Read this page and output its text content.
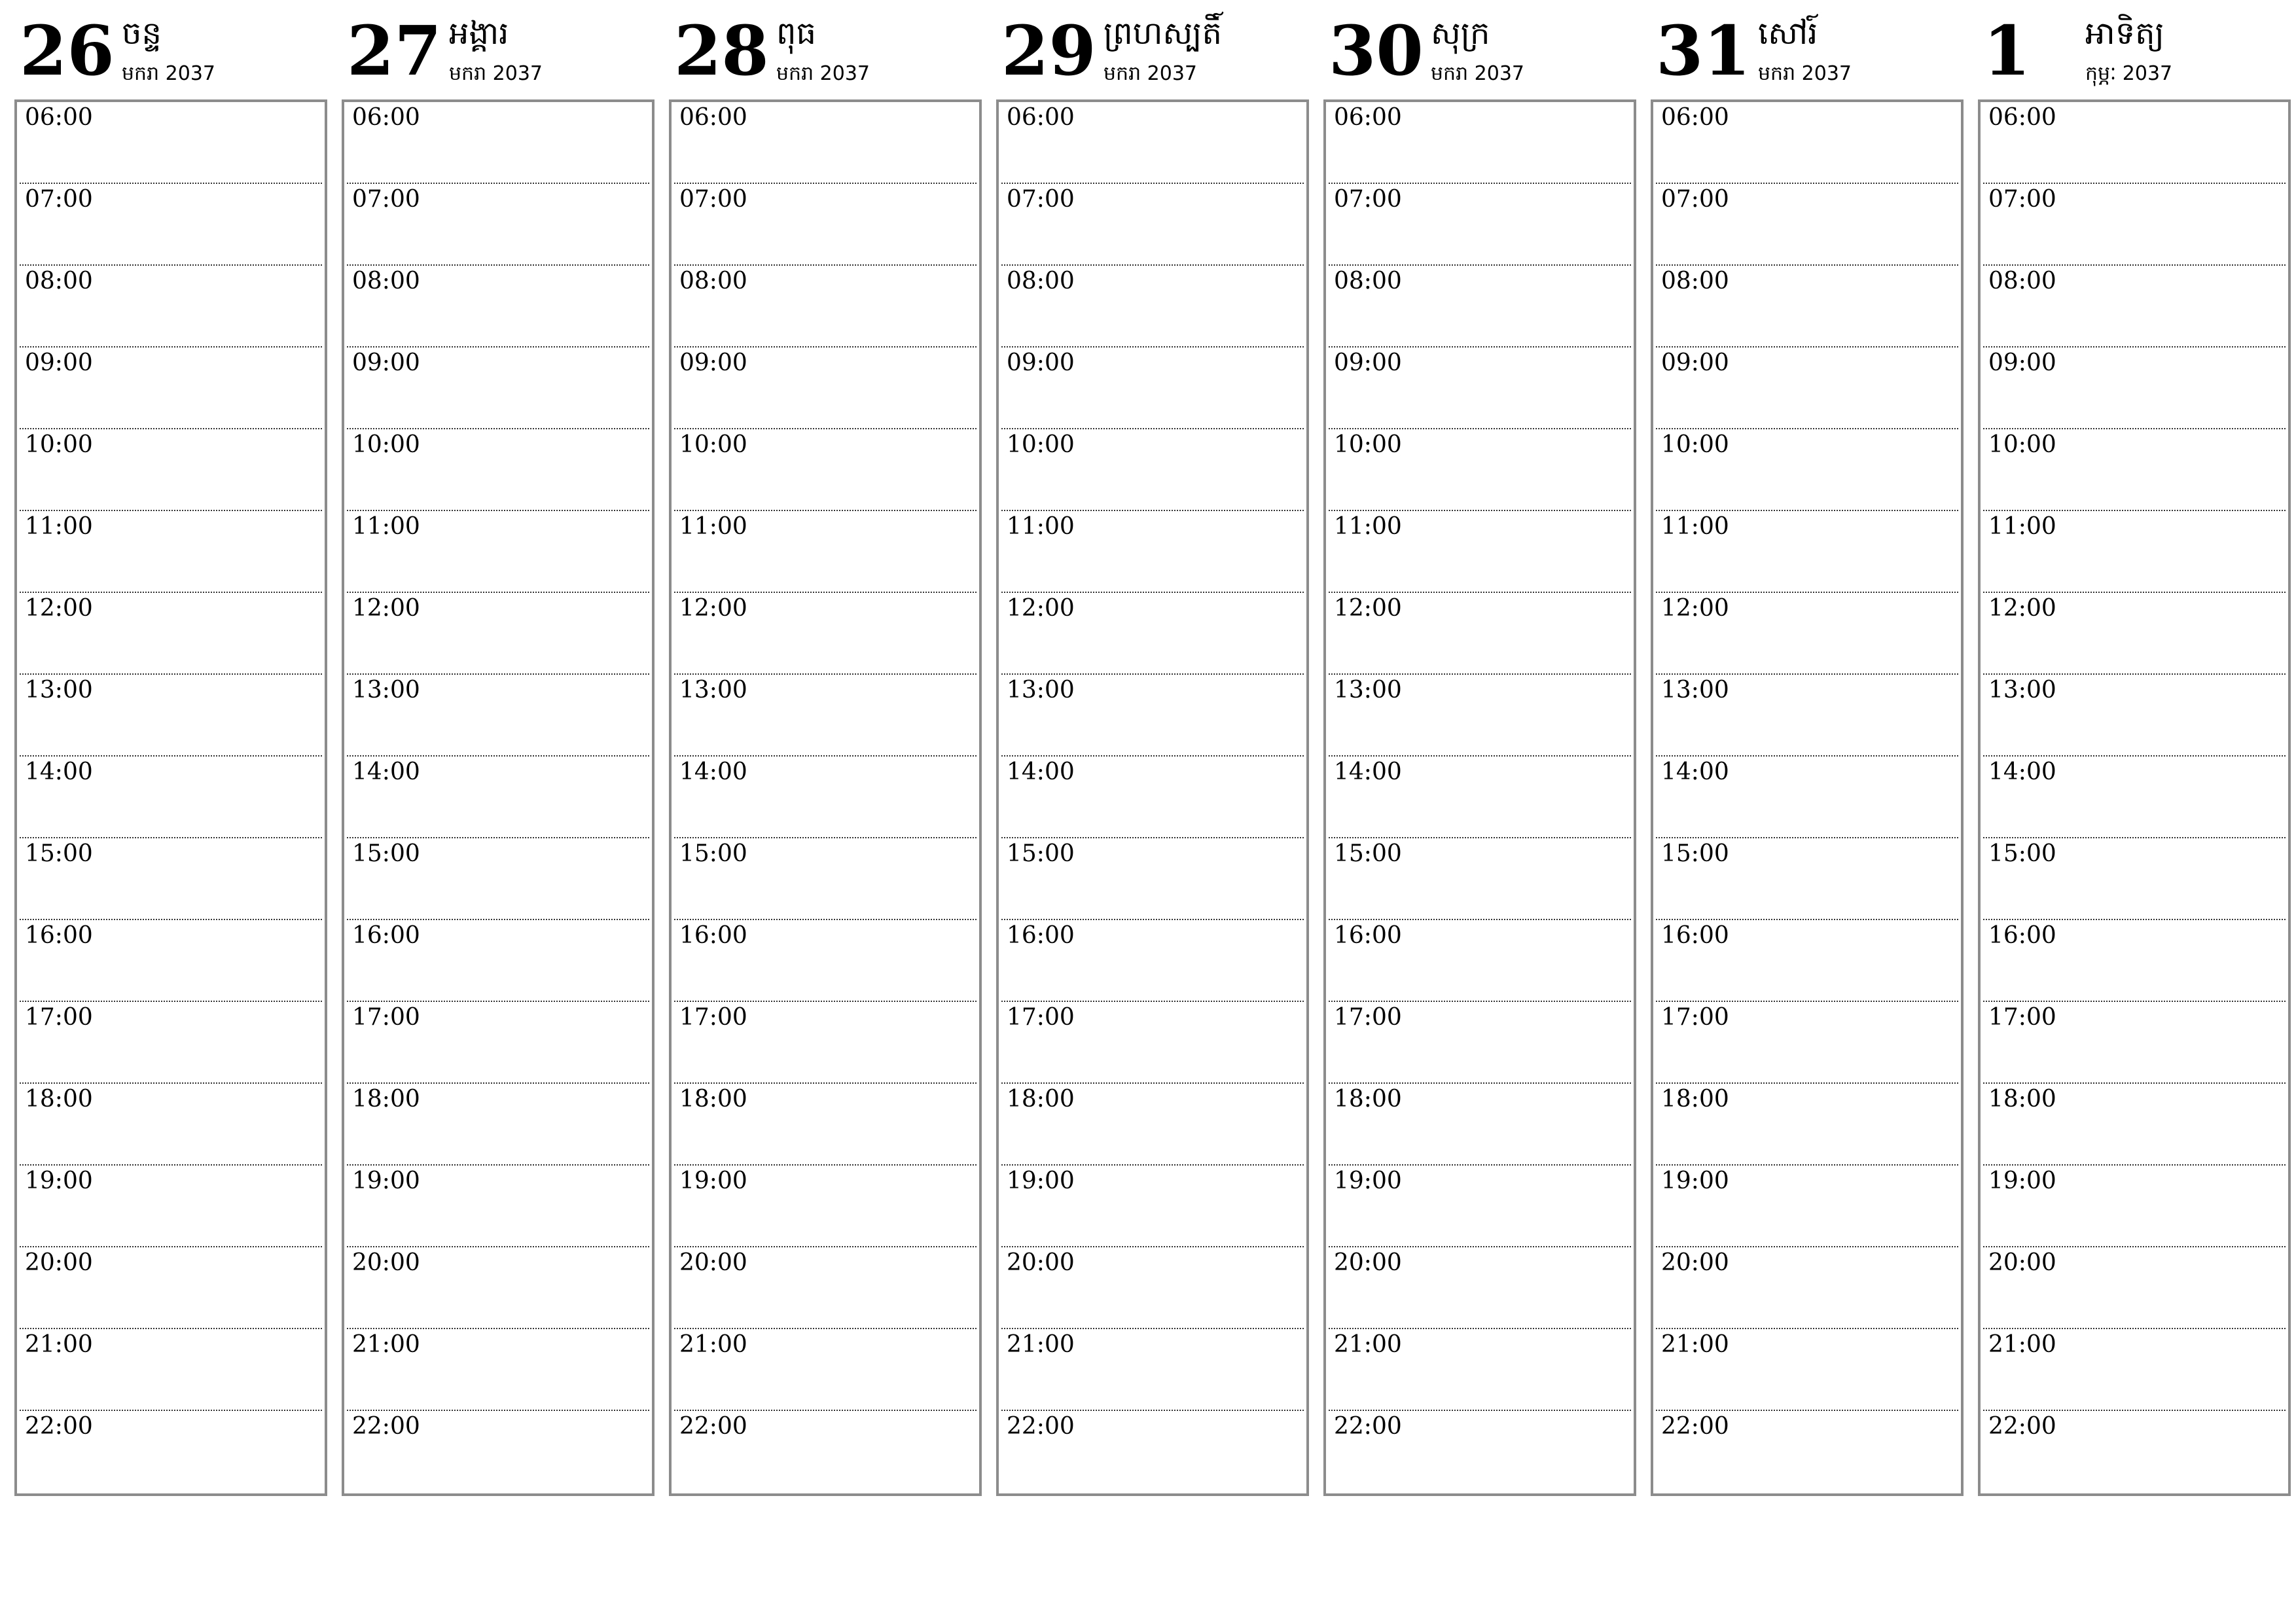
26 ចន្ទ
មករា 2037
06:00
07:00
08:00
09:00
10:00
11:00
12:00
13:00
14:00
15:00
16:00
17:00
18:00
19:00
20:00
21:00
22:00
27 អង្គារ
មករា 2037
06:00
07:00
08:00
09:00
10:00
11:00
12:00
13:00
14:00
15:00
16:00
17:00
18:00
19:00
20:00
21:00
22:00
28 ពុធ
មករា 2037
06:00
07:00
08:00
09:00
10:00
11:00
12:00
13:00
14:00
15:00
16:00
17:00
18:00
19:00
20:00
21:00
22:00
29 ព្រហស្បតិ៍
មករា 2037
06:00
07:00
08:00
09:00
10:00
11:00
12:00
13:00
14:00
15:00
16:00
17:00
18:00
19:00
20:00
21:00
22:00
30 សុក្រ
មករា 2037
06:00
07:00
08:00
09:00
10:00
11:00
12:00
13:00
14:00
15:00
16:00
17:00
18:00
19:00
20:00
21:00
22:00
31 សៅរ៍
មករា 2037
06:00
07:00
08:00
09:00
10:00
11:00
12:00
13:00
14:00
15:00
16:00
17:00
18:00
19:00
20:00
21:00
22:00
1 អាទិត្យ
កុម្ភៈ 2037
06:00
07:00
08:00
09:00
10:00
11:00
12:00
13:00
14:00
15:00
16:00
17:00
18:00
19:00
20:00
21:00
22:00
